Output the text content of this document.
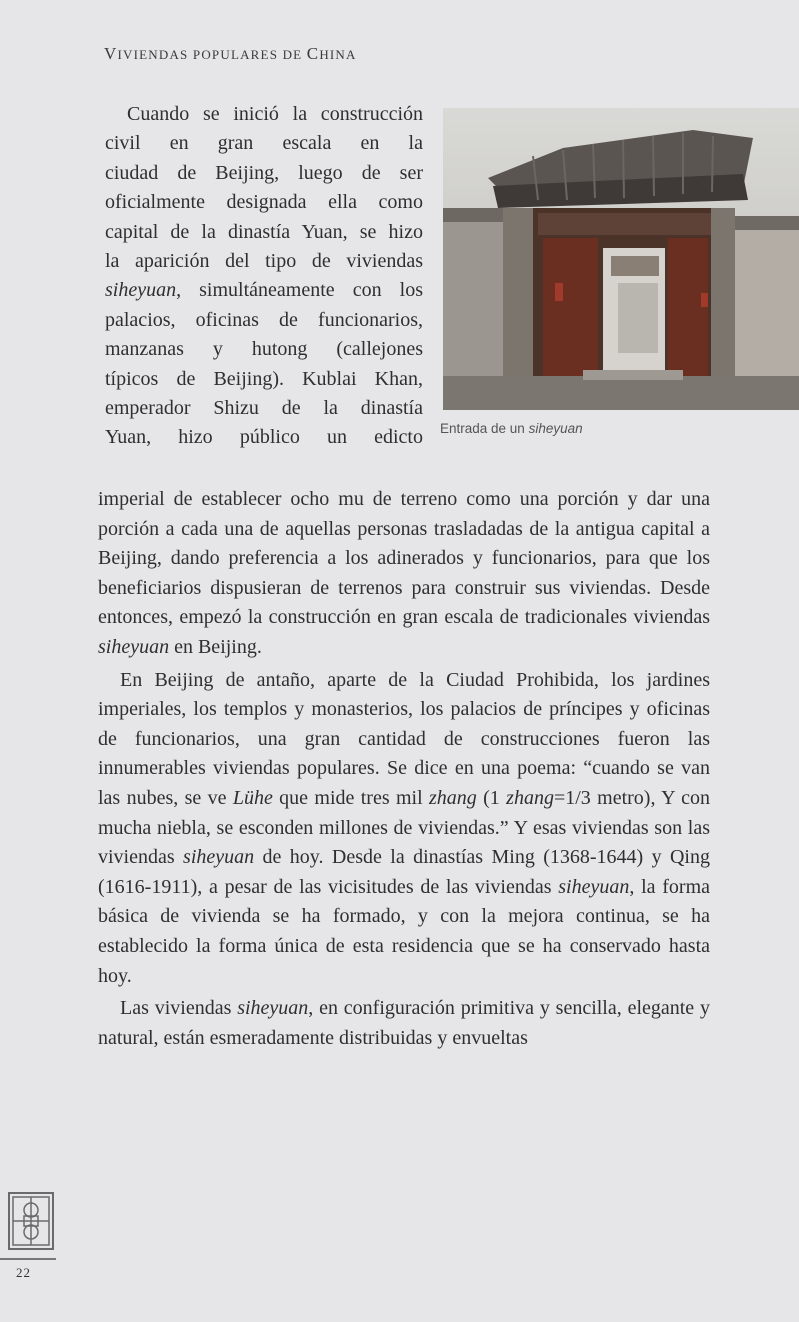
VIVIENDAS POPULARES DE CHINA

Cuando se inició la construcción

civil en gran escala en la

ciudad de Beijing, luego de ser

oficialmente designada ella como

capital de la dinastía Yuan, se hizo

la aparición del tipo de viviendas

siheyuan, simultáneamente con los

palacios, oficinas de funcionarios,

manzanas y hutong (callejones

típicos de Beijing). Kublai Khan,

emperador Shizu de la dinastía

Yuan, hizo público un edicto Entrada de un siheyuan

imperial de establecer ocho mu de terreno como una porción y dar una porción a cada una de aquellas personas trasladadas de la antigua capital a Beijing, dando preferencia a los adinerados y funcionarios, para que los beneficiarios dispusieran de terrenos para construir sus viviendas. Desde entonces, empezó la construcción en gran escala de tradicionales viviendas siheyuan en Beijing.

En Beijing de antaño, aparte de la Ciudad Prohibida, los jardines imperiales, los templos y monasterios, los palacios de príncipes y oficinas de funcionarios, una gran cantidad de construcciones fueron las innumerables viviendas populares. Se dice en una poema: “cuando se van las nubes, se ve Lühe que mide tres mil zhang (1 zhang=1/3 metro), Y con mucha niebla, se esconden millones de viviendas.” Y esas viviendas son las viviendas siheyuan de hoy. Desde la dinastías Ming (1368-1644) y Qing (1616-1911), a pesar de las vicisitudes de las viviendas siheyuan, la forma básica de vivienda se ha formado, y con la mejora continua, se ha establecido la forma única de esta residencia que se ha conservado hasta hoy.

Las viviendas siheyuan, en configuración primitiva y sencilla, elegante y natural, están esmeradamente distribuidas y envueltas

22
